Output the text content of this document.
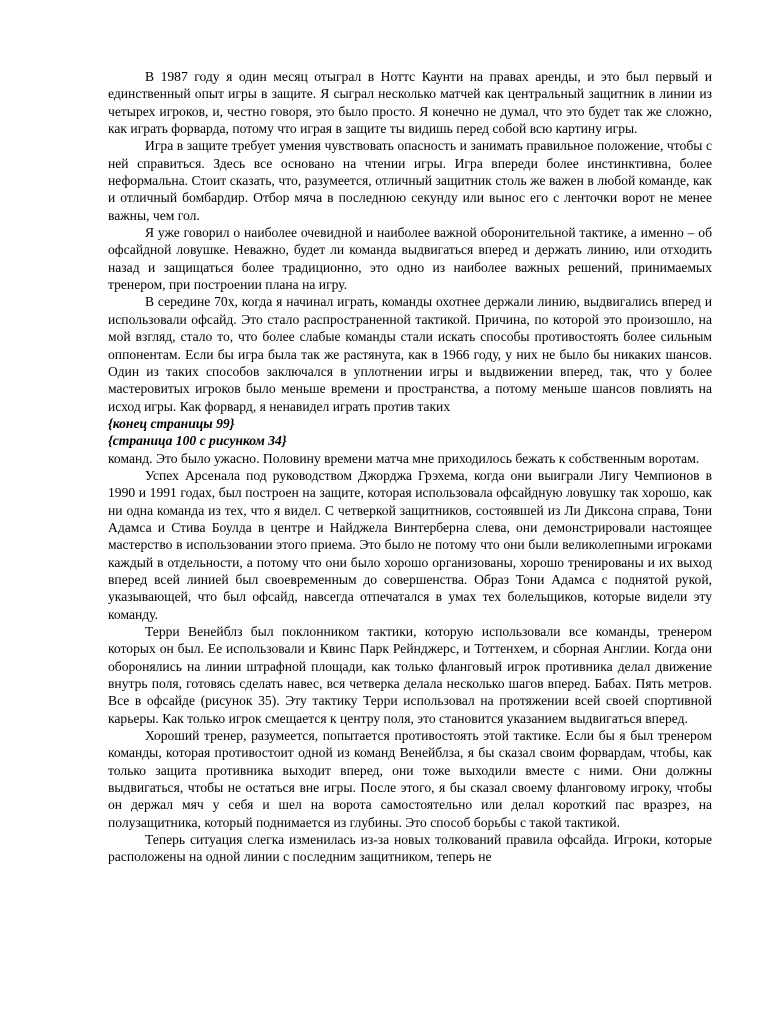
В 1987 году я один месяц отыграл в Ноттс Каунти на правах аренды, и это был первый и единственный опыт игры в защите. Я сыграл несколько матчей как центральный защитник в линии из четырех игроков, и, честно говоря, это было просто. Я конечно не думал, что это будет так же сложно, как играть форварда, потому что играя в защите ты видишь перед собой всю картину игры.

Игра в защите требует умения чувствовать опасность и занимать правильное положение, чтобы с ней справиться. Здесь все основано на чтении игры. Игра впереди более инстинктивна, более неформальна. Стоит сказать, что, разумеется, отличный защитник столь же важен в любой команде, как и отличный бомбардир. Отбор мяча в последнюю секунду или вынос его с ленточки ворот не менее важны, чем гол.

Я уже говорил о наиболее очевидной и наиболее важной оборонительной тактике, а именно – об офсайдной ловушке. Неважно, будет ли команда выдвигаться вперед и держать линию, или отходить назад и защищаться более традиционно, это одно из наиболее важных решений, принимаемых тренером, при построении плана на игру.

В середине 70х, когда я начинал играть, команды охотнее держали линию, выдвигались вперед и использовали офсайд. Это стало распространенной тактикой. Причина, по которой это произошло, на мой взгляд, стало то, что более слабые команды стали искать способы противостоять более сильным оппонентам. Если бы игра была так же растянута, как в 1966 году, у них не было бы никаких шансов. Один из таких способов заключался в уплотнении игры и выдвижении вперед, так, что у более мастеровитых игроков было меньше времени и пространства, а потому меньше шансов повлиять на исход игры. Как форвард, я ненавидел играть против таких

{конец страницы 99}

{страница 100 с рисунком 34}

команд. Это было ужасно. Половину времени матча мне приходилось бежать к собственным воротам.

Успех Арсенала под руководством Джорджа Грэхема, когда они выиграли Лигу Чемпионов в 1990 и 1991 годах, был построен на защите, которая использовала офсайдную ловушку так хорошо, как ни одна команда из тех, что я видел. С четверкой защитников, состоявшей из Ли Диксона справа, Тони Адамса и Стива Боулда в центре и Найджела Винтерберна слева, они демонстрировали настоящее мастерство в использовании этого приема. Это было не потому что они были великолепными игроками каждый в отдельности, а потому что они было хорошо организованы, хорошо тренированы и их выход вперед всей линией был своевременным до совершенства. Образ Тони Адамса с поднятой рукой, указывающей, что был офсайд, навсегда отпечатался в умах тех болельщиков, которые видели эту команду.

Терри Венейблз был поклонником тактики, которую использовали все команды, тренером которых он был. Ее использовали и Квинс Парк Рейнджерс, и Тоттенхем, и сборная Англии. Когда они оборонялись на линии штрафной площади, как только фланговый игрок противника делал движение внутрь поля, готовясь сделать навес, вся четверка делала несколько шагов вперед. Бабах. Пять метров. Все в офсайде (рисунок 35). Эту тактику Терри использовал на протяжении всей своей спортивной карьеры. Как только игрок смещается к центру поля, это становится указанием выдвигаться вперед.

Хороший тренер, разумеется, попытается противостоять этой тактике. Если бы я был тренером команды, которая противостоит одной из команд Венейблза, я бы сказал своим форвардам, чтобы, как только защита противника выходит вперед, они тоже выходили вместе с ними. Они должны выдвигаться, чтобы не остаться вне игры. После этого, я бы сказал своему фланговому игроку, чтобы он держал мяч у себя и шел на ворота самостоятельно или делал короткий пас вразрез, на полузащитника, который поднимается из глубины. Это способ борьбы с такой тактикой.

Теперь ситуация слегка изменилась из-за новых толкований правила офсайда. Игроки, которые расположены на одной линии с последним защитником, теперь не
